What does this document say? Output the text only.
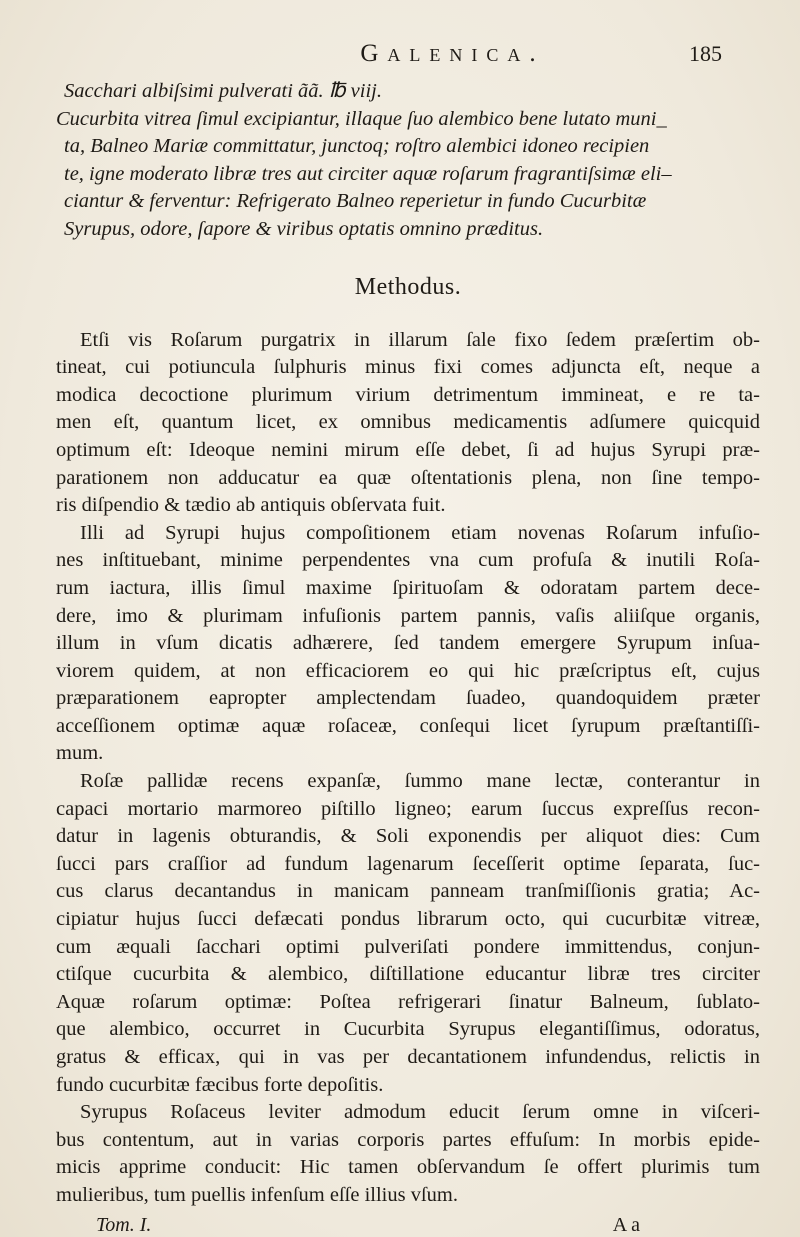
Galenica.	185
Sacchari albiſsimi pulverati ãã. ℔ viij.
Cucurbita vitrea ſimul excipiantur, illaque ſuo alembico bene lutato muni_
ta, Balneo Mariæ committatur, junctoq; roſtro alembici idoneo recipien
te, igne moderato libræ tres aut circiter aquæ roſarum fragrantiſsimæ eli–
ciantur & ferventur: Refrigerato Balneo reperietur in fundo Cucurbitæ
Syrupus, odore, ſapore & viribus optatis omnino præditus.
Methodus.
Etſi vis Roſarum purgatrix in illarum ſale fixo ſedem præſertim ob-
tineat, cui potiuncula ſulphuris minus fixi comes adjuncta eſt, neque a
modica decoctione plurimum virium detrimentum immineat, e re ta-
men eſt, quantum licet, ex omnibus medicamentis adſumere quicquid
optimum eſt: Ideoque nemini mirum eſſe debet, ſi ad hujus Syrupi præ-
parationem non adducatur ea quæ oſtentationis plena, non ſine tempo-
ris diſpendio & tædio ab antiquis obſervata fuit.
Illi ad Syrupi hujus compoſitionem etiam novenas Roſarum infuſio-
nes inſtituebant, minime perpendentes vna cum profuſa & inutili Roſa-
rum iactura, illis ſimul maxime ſpirituoſam & odoratam partem dece-
dere, imo & plurimam infuſionis partem pannis, vaſis aliiſque organis,
illum in vſum dicatis adhærere, ſed tandem emergere Syrupum inſua-
viorem quidem, at non efficaciorem eo qui hic præſcriptus eſt, cujus
præparationem eapropter amplectendam ſuadeo, quandoquidem præter
acceſſionem optimæ aquæ roſaceæ, conſequi licet ſyrupum præſtantiſſi-
mum.
Roſæ pallidæ recens expanſæ, ſummo mane lectæ, conterantur in
capaci mortario marmoreo piſtillo ligneo; earum ſuccus expreſſus recon-
datur in lagenis obturandis, & Soli exponendis per aliquot dies: Cum
ſucci pars craſſior ad fundum lagenarum ſeceſſerit optime ſeparata, ſuc-
cus clarus decantandus in manicam panneam tranſmiſſionis gratia; Ac-
cipiatur hujus ſucci defæcati pondus librarum octo, qui cucurbitæ vitreæ,
cum æquali ſacchari optimi pulveriſati pondere immittendus, conjun-
ctiſque cucurbita & alembico, diſtillatione educantur libræ tres circiter
Aquæ roſarum optimæ: Poſtea refrigerari ſinatur Balneum, ſublato-
que alembico, occurret in Cucurbita Syrupus elegantiſſimus, odoratus,
gratus & efficax, qui in vas per decantationem infundendus, relictis in
fundo cucurbitæ fæcibus forte depoſitis.
Syrupus Roſaceus leviter admodum educit ſerum omne in viſceri-
bus contentum, aut in varias corporis partes effuſum: In morbis epide-
micis apprime conducit: Hic tamen obſervandum ſe offert plurimis tum
mulieribus, tum puellis infenſum eſſe illius vſum.
Tom. I.	A a
